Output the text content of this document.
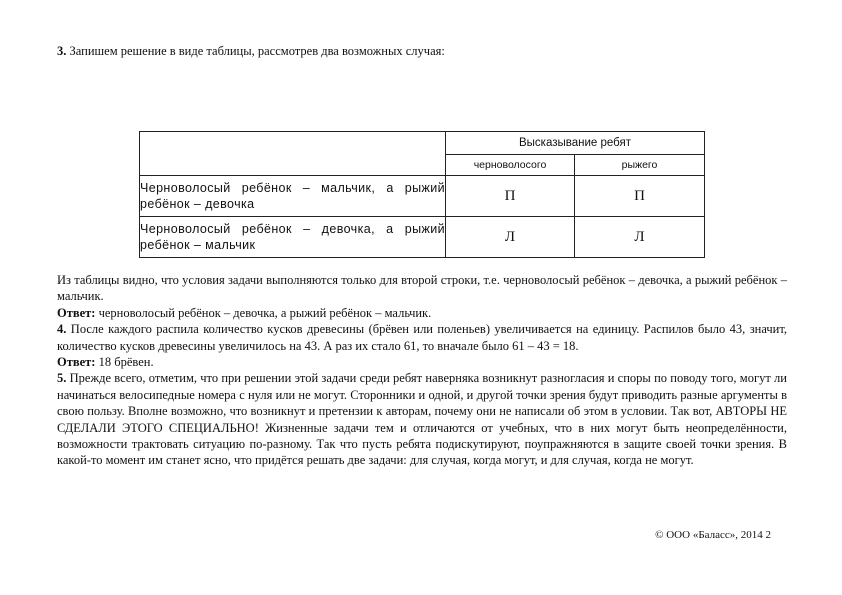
3. Запишем решение в виде таблицы, рассмотрев два возможных случая:
	Высказывание ребят	
	черноволосого	рыжего
Черноволосый ребёнок – мальчик, а рыжий ребёнок – девочка	П	П
Черноволосый ребёнок – девочка, а рыжий ребёнок – мальчик	Л	Л

Из таблицы видно, что условия задачи выполняются только для второй строки, т.е. черноволосый ребёнок – девочка, а рыжий ребёнок – мальчик.

Ответ: черноволосый ребёнок – девочка, а рыжий ребёнок – мальчик.

4. После каждого распила количество кусков древесины (брёвен или поленьев) увеличивается на единицу. Распилов было 43, значит, количество кусков древесины увеличилось на 43. А раз их стало 61, то вначале было 61 – 43 = 18.

Ответ: 18 брёвен.

5. Прежде всего, отметим, что при решении этой задачи среди ребят наверняка возникнут разногласия и споры по поводу того, могут ли начинаться велосипедные номера с нуля или не могут. Сторонники и одной, и другой точки зрения будут приводить разные аргументы в свою пользу. Вполне возможно, что возникнут и претензии к авторам, почему они не написали об этом в условии. Так вот, АВТОРЫ НЕ СДЕЛАЛИ ЭТОГО СПЕЦИАЛЬНО! Жизненные задачи тем и отличаются от учебных, что в них могут быть неопределённости, возможности трактовать ситуацию по-разному. Так что пусть ребята подискутируют, поупражняются в защите своей точки зрения. В какой-то момент им станет ясно, что придётся решать две задачи: для случая, когда могут, и для случая, когда не могут.

© ООО «Баласс», 2014 2
